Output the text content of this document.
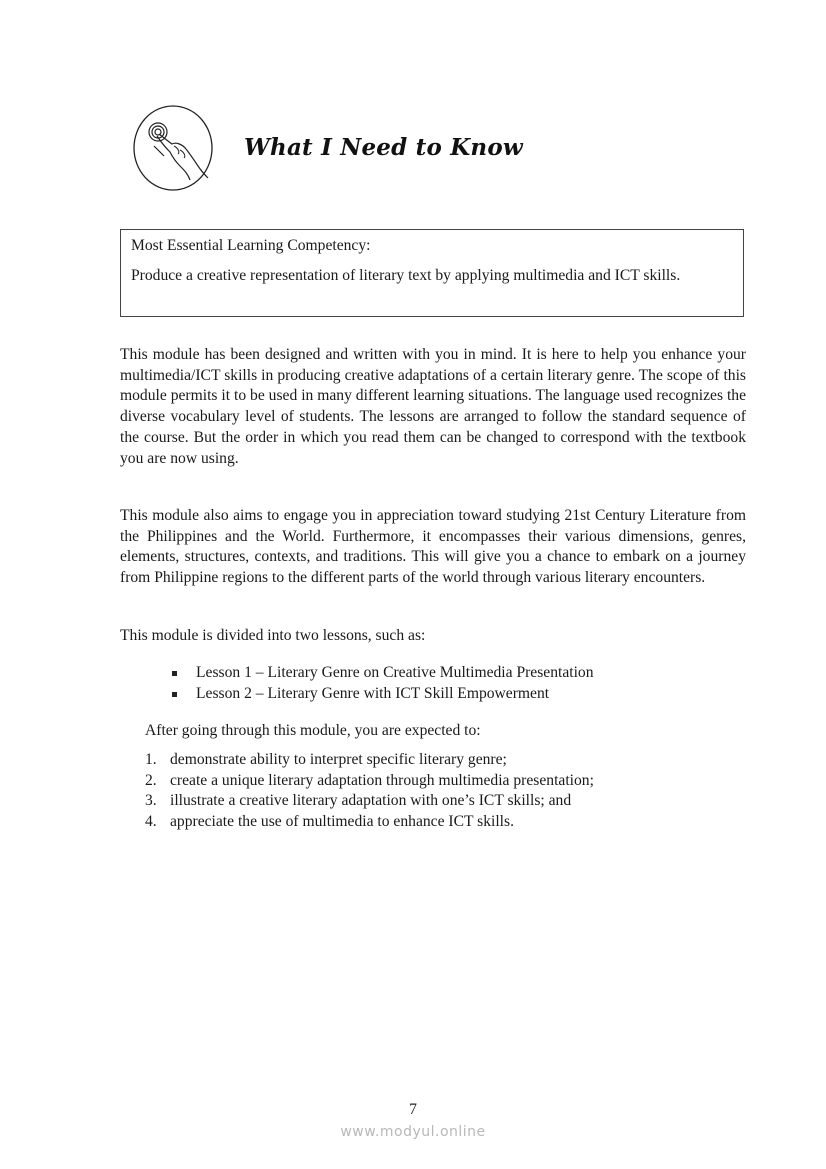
What I Need to Know
Most Essential Learning Competency:
Produce a creative representation of literary text by applying multimedia and ICT skills.

This module has been designed and written with you in mind. It is here to help you enhance your multimedia/ICT skills in producing creative adaptations of a certain literary genre. The scope of this module permits it to be used in many different learning situations. The language used recognizes the diverse vocabulary level of students. The lessons are arranged to follow the standard sequence of the course. But the order in which you read them can be changed to correspond with the textbook you are now using.

This module also aims to engage you in appreciation toward studying 21st Century Literature from the Philippines and the World. Furthermore, it encompasses their various dimensions, genres, elements, structures, contexts, and traditions. This will give you a chance to embark on a journey from Philippine regions to the different parts of the world through various literary encounters.

This module is divided into two lessons, such as:

Lesson 1 – Literary Genre on Creative Multimedia Presentation
Lesson 2 – Literary Genre with ICT Skill Empowerment
After going through this module, you are expected to:
1. demonstrate ability to interpret specific literary genre;
2. create a unique literary adaptation through multimedia presentation;
3. illustrate a creative literary adaptation with one’s ICT skills; and
4. appreciate the use of multimedia to enhance ICT skills.
7
www.modyul.online
